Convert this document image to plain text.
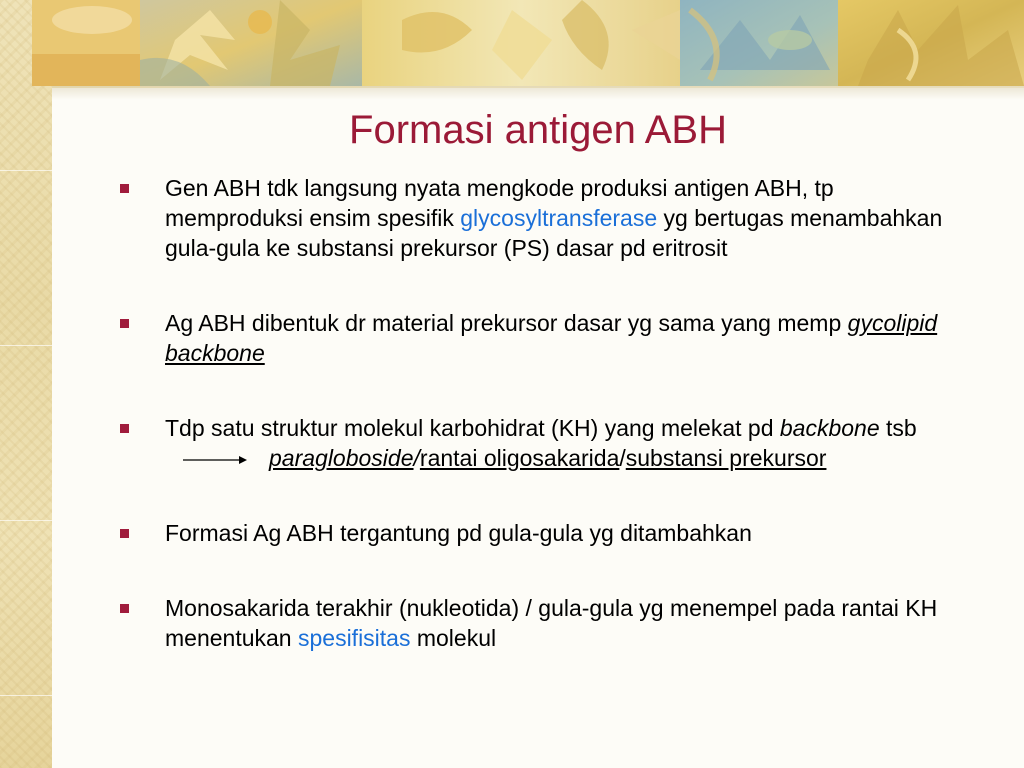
Formasi antigen ABH
Gen ABH tdk langsung nyata mengkode produksi antigen ABH, tp memproduksi ensim spesifik glycosyltransferase yg bertugas menambahkan gula-gula ke substansi prekursor (PS) dasar pd eritrosit
Ag ABH dibentuk dr material prekursor dasar yg sama yang memp gycolipid backbone
Tdp satu struktur molekul karbohidrat (KH) yang melekat pd backbone tsb
paragloboside/rantai oligosakarida/substansi prekursor
Formasi Ag ABH tergantung pd gula-gula yg ditambahkan
Monosakarida terakhir (nukleotida) / gula-gula yg menempel pada rantai KH menentukan spesifisitas molekul
